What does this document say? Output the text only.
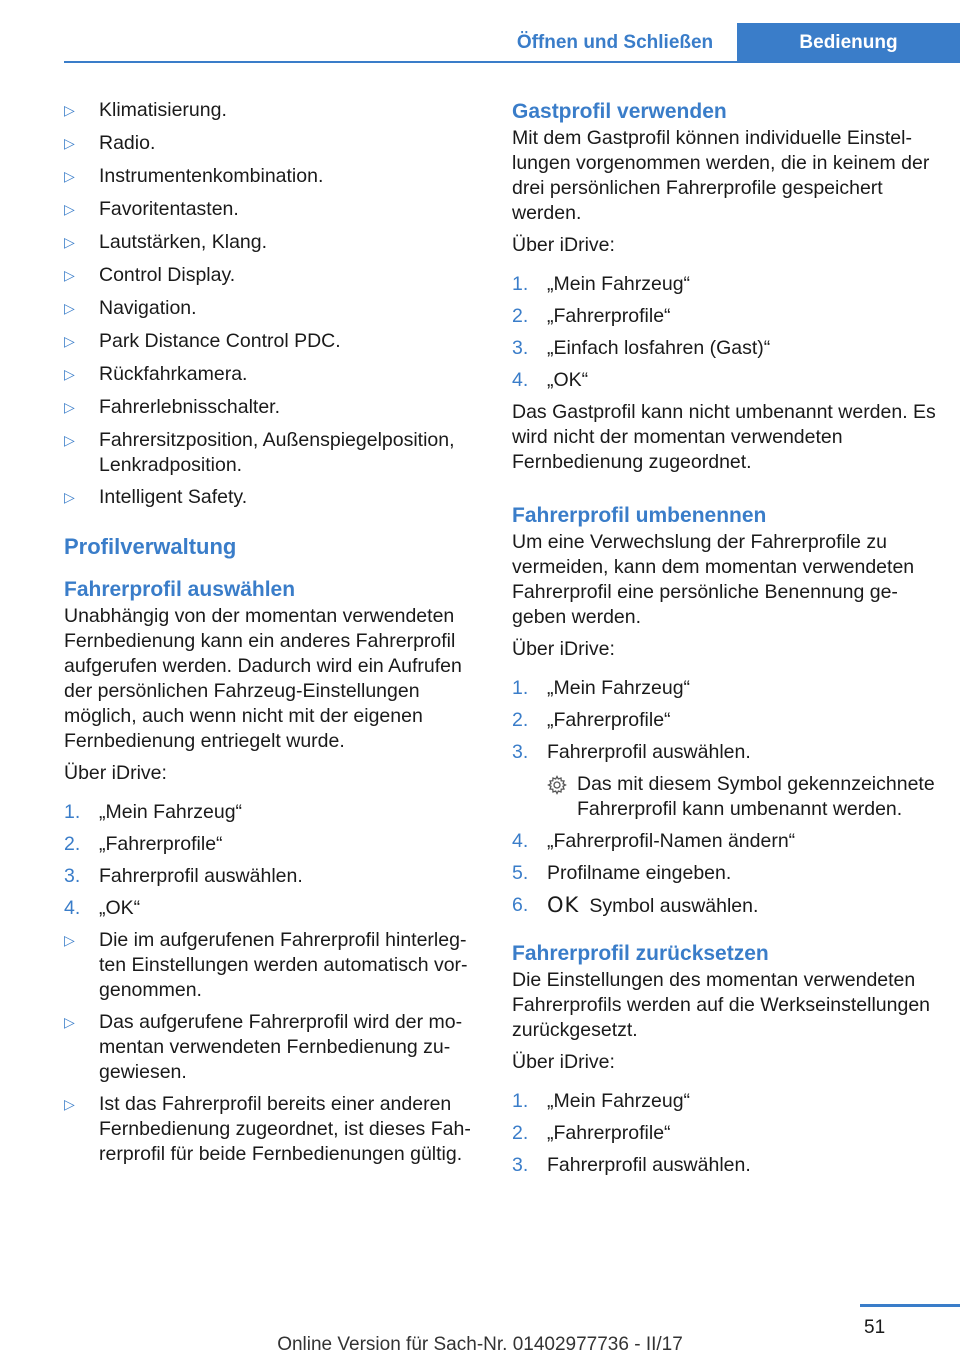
Öffnen und Schließen	Bedienung
▷	Klimatisierung.
▷	Radio.
▷	Instrumentenkombination.
▷	Favoritentasten.
▷	Lautstärken, Klang.
▷	Control Display.
▷	Navigation.
▷	Park Distance Control PDC.
▷	Rückfahrkamera.
▷	Fahrerlebnisschalter.
▷	Fahrersitzposition, Außenspiegelposition, Lenkradposition.
▷	Intelligent Safety.
Profilverwaltung
Fahrerprofil auswählen

Unabhängig von der momentan verwendeten Fernbedienung kann ein anderes Fahrerprofil aufgerufen werden. Dadurch wird ein Aufrufen der persönlichen Fahrzeug-Einstellungen möglich, auch wenn nicht mit der eigenen Fernbedienung entriegelt wurde.

Über iDrive:

1. „Mein Fahrzeug“
2. „Fahrerprofile“
3. Fahrerprofil auswählen.
4. „OK“
▷	Die im aufgerufenen Fahrerprofil hinterlegten Einstellungen werden automatisch vorgenommen.
▷	Das aufgerufene Fahrerprofil wird der momentan verwendeten Fernbedienung zugewiesen.
▷	Ist das Fahrerprofil bereits einer anderen Fernbedienung zugeordnet, ist dieses Fahrerprofil für beide Fernbedienungen gültig.
Gastprofil verwenden

Mit dem Gastprofil können individuelle Einstellungen vorgenommen werden, die in keinem der drei persönlichen Fahrerprofile gespeichert werden.

Über iDrive:

1. „Mein Fahrzeug“
2. „Fahrerprofile“
3. „Einfach losfahren (Gast)“
4. „OK“

Das Gastprofil kann nicht umbenannt werden. Es wird nicht der momentan verwendeten Fernbedienung zugeordnet.

Fahrerprofil umbenennen

Um eine Verwechslung der Fahrerprofile zu vermeiden, kann dem momentan verwendeten Fahrerprofil eine persönliche Benennung gegeben werden.

Über iDrive:

1. „Mein Fahrzeug“
2. „Fahrerprofile“
3. Fahrerprofil auswählen.
Das mit diesem Symbol gekennzeichnete Fahrerprofil kann umbenannt werden.
4. „Fahrerprofil-Namen ändern“
5. Profilname eingeben.
6. OK Symbol auswählen.
Fahrerprofil zurücksetzen

Die Einstellungen des momentan verwendeten Fahrerprofils werden auf die Werkseinstellungen zurückgesetzt.

Über iDrive:

1. „Mein Fahrzeug“
2. „Fahrerprofile“
3. Fahrerprofil auswählen.
51
Online Version für Sach-Nr. 01402977736 - II/17
